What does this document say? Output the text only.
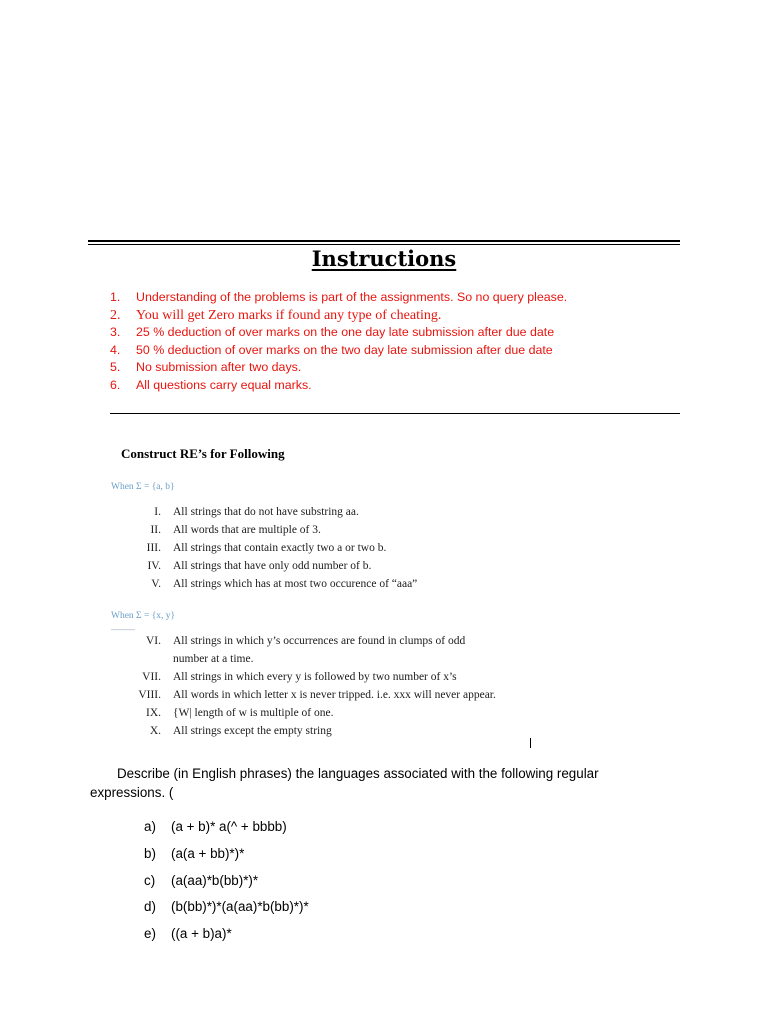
Instructions
1. Understanding of the problems is part of the assignments. So no query please.
2. You will get Zero marks if found any type of cheating.
3. 25 % deduction of over marks on the one day late submission after due date
4. 50 % deduction of over marks on the two day late submission after due date
5. No submission after two days.
6. All questions carry equal marks.
Construct RE’s for Following
When Σ = {a, b}
I. All strings that do not have substring aa.
II. All words that are multiple of 3.
III. All strings that contain exactly two a or two b.
IV. All strings that have only odd number of b.
V. All strings which has at most two occurence of “aaa”
When Σ = {x, y}
―――
VI. All strings in which y’s occurrences are found in clumps of odd number at a time.
VII. All strings in which every y is followed by two number of x’s
VIII. All words in which letter x is never tripped. i.e. xxx will never appear.
IX. {W| length of w is multiple of one.
X. All strings except the empty string
Describe (in English phrases) the languages associated with the following regular expressions. (
a) (a + b)* a(^ + bbbb)
b) (a(a + bb)*)*
c) (a(aa)*b(bb)*)*
d) (b(bb)*)*(a(aa)*b(bb)*)*
e) ((a + b)a)*
